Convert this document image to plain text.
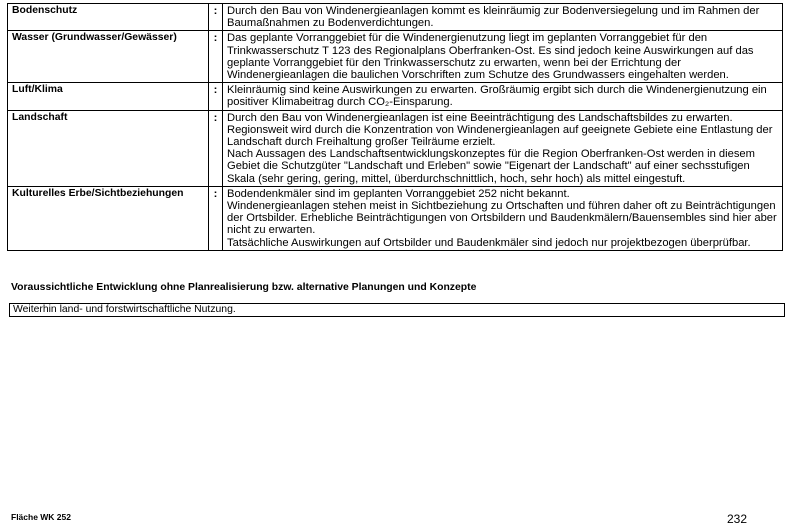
Bodenschutz	:	Durch den Bau von Windenergieanlagen kommt es kleinräumig zur Bodenversiegelung und im Rahmen der Baumaßnahmen zu Bodenverdichtungen.

Wasser (Grundwasser/Gewässer)	:	Das geplante Vorranggebiet für die Windenergienutzung liegt im geplanten Vorranggebiet für den Trinkwasserschutz T 123 des Regionalplans Oberfranken-Ost. Es sind jedoch keine Auswirkungen auf das geplante Vorranggebiet für den Trinkwasserschutz zu erwarten, wenn bei der Errichtung der Windenergieanlagen die baulichen Vorschriften zum Schutze des Grundwassers eingehalten werden.

Luft/Klima	:	Kleinräumig sind keine Auswirkungen zu erwarten. Großräumig ergibt sich durch die Windenergienutzung ein positiver Klimabeitrag durch CO₂-Einsparung.

Landschaft	:	Durch den Bau von Windenergieanlagen ist eine Beeinträchtigung des Landschaftsbildes zu erwarten. Regionsweit wird durch die Konzentration von Windenergieanlagen auf geeignete Gebiete eine Entlastung der Landschaft durch Freihaltung großer Teilräume erzielt.
Nach Aussagen des Landschaftsentwicklungskonzeptes für die Region Oberfranken-Ost werden in diesem Gebiet die Schutzgüter "Landschaft und Erleben" sowie "Eigenart der Landschaft" auf einer sechsstufigen Skala (sehr gering, gering, mittel, überdurchschnittlich, hoch, sehr hoch) als mittel eingestuft.

Kulturelles Erbe/Sichtbeziehungen	:	Bodendenkmäler sind im geplanten Vorranggebiet 252 nicht bekannt.
Windenergieanlagen stehen meist in Sichtbeziehung zu Ortschaften und führen daher oft zu Beinträchtigungen der Ortsbilder. Erhebliche Beinträchtigungen von Ortsbildern und Baudenkmälern/Bauensembles sind hier aber nicht zu erwarten.
Tatsächliche Auswirkungen auf Ortsbilder und Baudenkmäler sind jedoch nur projektbezogen überprüfbar.
Voraussichtliche Entwicklung ohne Planrealisierung bzw. alternative Planungen und Konzepte
Weiterhin land- und forstwirtschaftliche Nutzung.
Fläche WK 252	232
